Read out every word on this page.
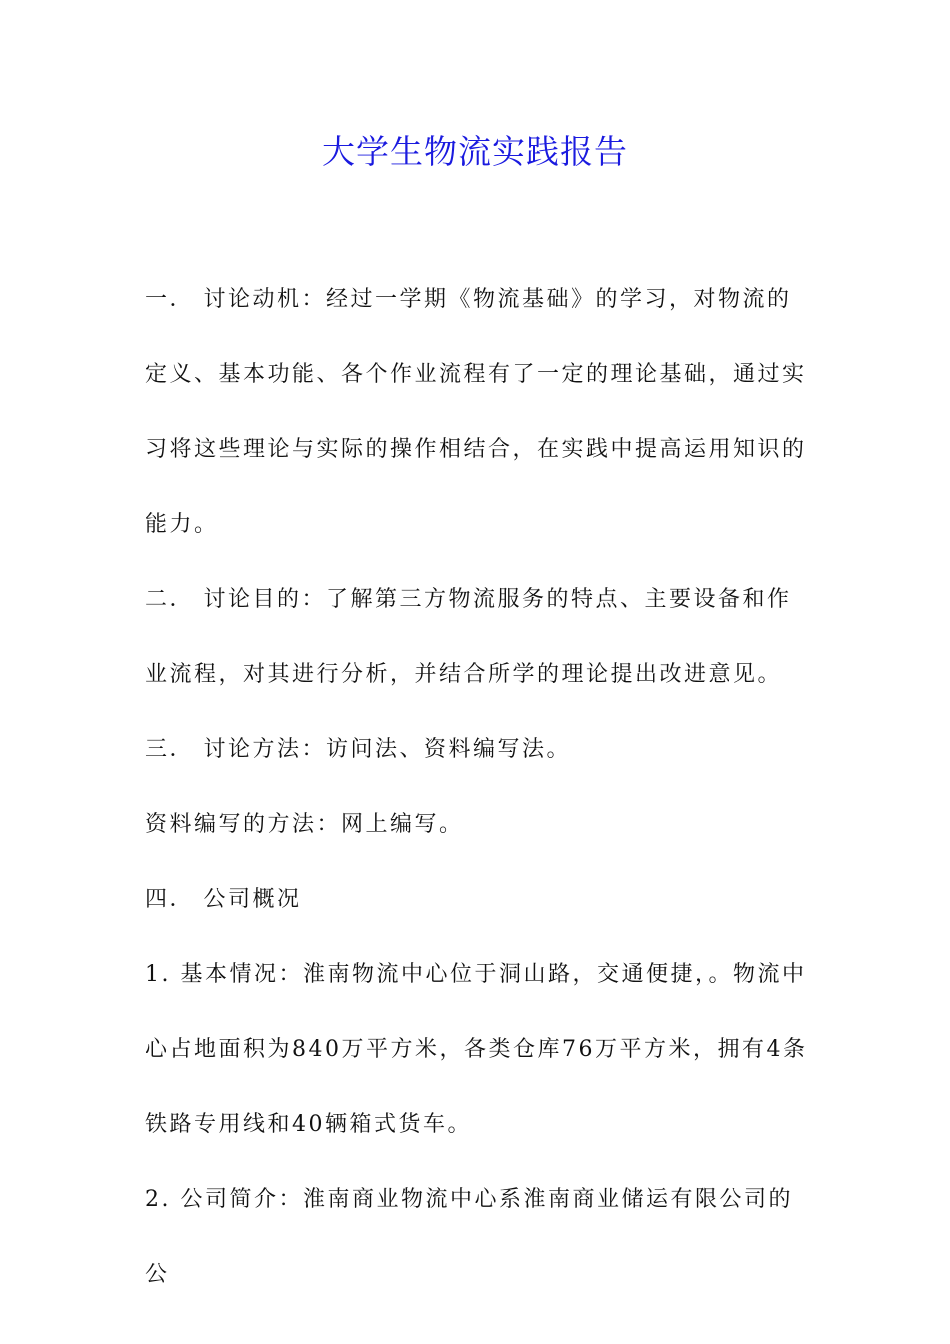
大学生物流实践报告

一． 讨论动机：经过一学期《物流基础》的学习，对物流的定义、基本功能、各个作业流程有了一定的理论基础，通过实习将这些理论与实际的操作相结合，在实践中提高运用知识的能力。

二． 讨论目的：了解第三方物流服务的特点、主要设备和作业流程，对其进行分析，并结合所学的理论提出改进意见。

三． 讨论方法：访问法、资料编写法。

资料编写的方法：网上编写。

四． 公司概况

1. 基本情况：淮南物流中心位于洞山路，交通便捷，。物流中心占地面积为840万平方米，各类仓库76万平方米，拥有4条铁路专用线和40辆箱式货车。

2. 公司简介：淮南商业物流中心系淮南商业储运有限公司的公
